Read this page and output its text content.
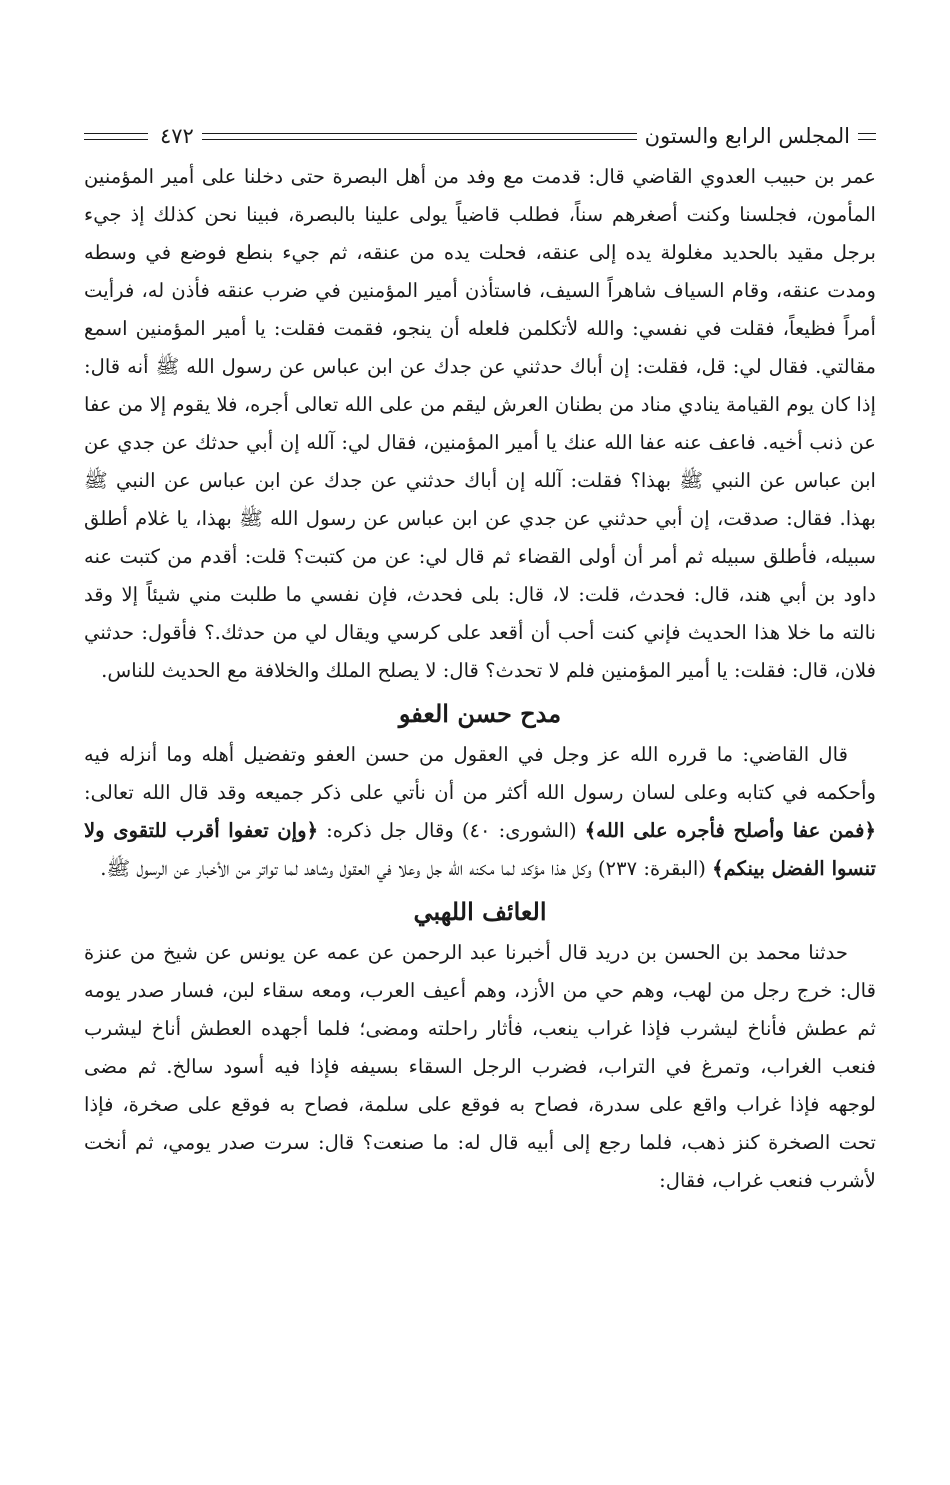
المجلس الرابع والستون
٤٧٢

عمر بن حبيب العدوي القاضي قال: قدمت مع وفد من أهل البصرة حتى دخلنا على أمير المؤمنين المأمون، فجلسنا وكنت أصغرهم سناً، فطلب قاضياً يولى علينا بالبصرة، فبينا نحن كذلك إذ جيء برجل مقيد بالحديد مغلولة يده إلى عنقه، فحلت يده من عنقه، ثم جيء بنطع فوضع في وسطه ومدت عنقه، وقام السياف شاهراً السيف، فاستأذن أمير المؤمنين في ضرب عنقه فأذن له، فرأيت أمراً فظيعاً، فقلت في نفسي: والله لأتكلمن فلعله أن ينجو، فقمت فقلت: يا أمير المؤمنين اسمع مقالتي. فقال لي: قل، فقلت: إن أباك حدثني عن جدك عن ابن عباس عن رسول الله ﷺ أنه قال: إذا كان يوم القيامة ينادي مناد من بطنان العرش ليقم من على الله تعالى أجره، فلا يقوم إلا من عفا عن ذنب أخيه. فاعف عنه عفا الله عنك يا أمير المؤمنين، فقال لي: آلله إن أبي حدثك عن جدي عن ابن عباس عن النبي ﷺ بهذا؟ فقلت: آلله إن أباك حدثني عن جدك عن ابن عباس عن النبي ﷺ بهذا. فقال: صدقت، إن أبي حدثني عن جدي عن ابن عباس عن رسول الله ﷺ بهذا، يا غلام أطلق سبيله، فأطلق سبيله ثم أمر أن أولى القضاء ثم قال لي: عن من كتبت؟ قلت: أقدم من كتبت عنه داود بن أبي هند، قال: فحدث، قلت: لا، قال: بلى فحدث، فإن نفسي ما طلبت مني شيئاً إلا وقد نالته ما خلا هذا الحديث فإني كنت أحب أن أقعد على كرسي ويقال لي من حدثك.؟ فأقول: حدثني فلان، قال: فقلت: يا أمير المؤمنين فلم لا تحدث؟ قال: لا يصلح الملك والخلافة مع الحديث للناس.

مدح حسن العفو

قال القاضي: ما قرره الله عز وجل في العقول من حسن العفو وتفضيل أهله وما أنزله فيه وأحكمه في كتابه وعلى لسان رسول الله أكثر من أن نأتي على ذكر جميعه وقد قال الله تعالى: ﴿فمن عفا وأصلح فأجره على الله﴾ (الشورى: ٤٠) وقال جل ذكره: ﴿وإن تعفوا أقرب للتقوى ولا تنسوا الفضل بينكم﴾ (البقرة: ٢٣٧) وكل هذا مؤكد لما مكنه الله جل وعلا في العقول وشاهد لما تواتر من الأخبار عن الرسول ﷺ.

العائف اللهبي

حدثنا محمد بن الحسن بن دريد قال أخبرنا عبد الرحمن عن عمه عن يونس عن شيخ من عنزة قال: خرج رجل من لهب، وهم حي من الأزد، وهم أعيف العرب، ومعه سقاء لبن، فسار صدر يومه ثم عطش فأناخ ليشرب فإذا غراب ينعب، فأثار راحلته ومضى؛ فلما أجهده العطش أناخ ليشرب فنعب الغراب، وتمرغ في التراب، فضرب الرجل السقاء بسيفه فإذا فيه أسود سالخ. ثم مضى لوجهه فإذا غراب واقع على سدرة، فصاح به فوقع على سلمة، فصاح به فوقع على صخرة، فإذا تحت الصخرة كنز ذهب، فلما رجع إلى أبيه قال له: ما صنعت؟ قال: سرت صدر يومي، ثم أنخت لأشرب فنعب غراب، فقال:
